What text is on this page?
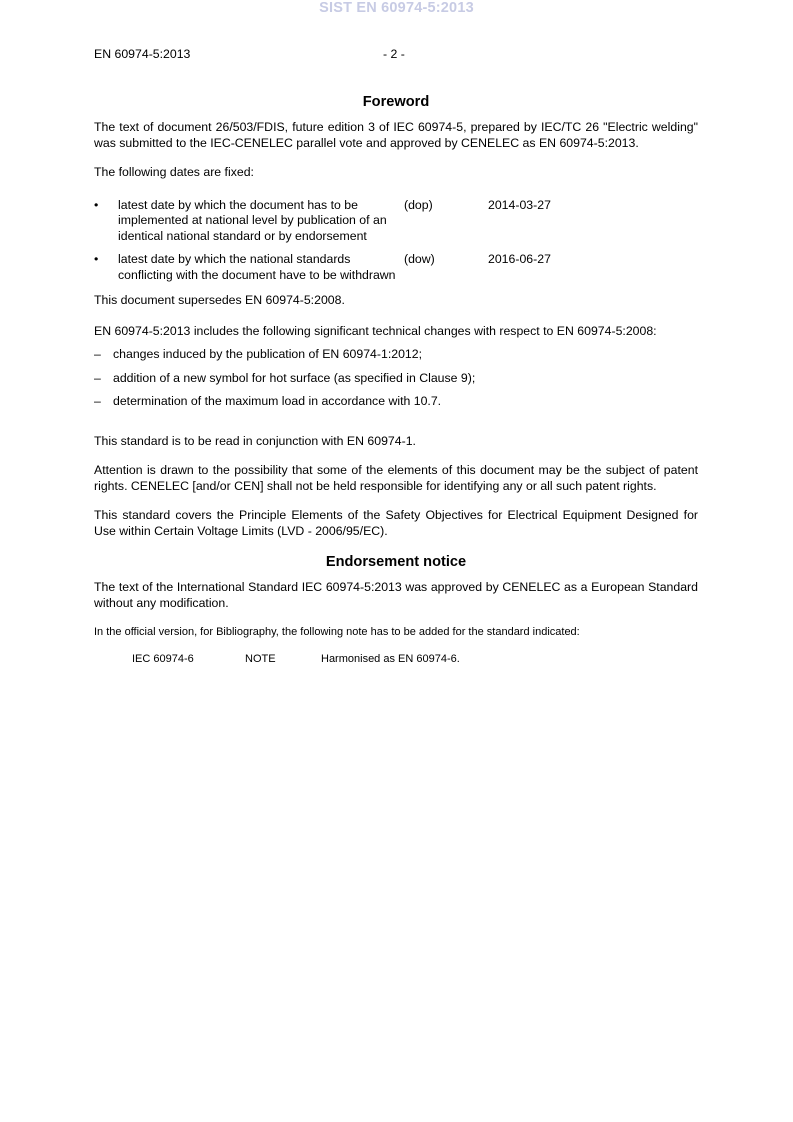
SIST EN 60974-5:2013
EN 60974-5:2013	- 2 -
Foreword

The text of document 26/503/FDIS, future edition 3 of IEC 60974-5, prepared by IEC/TC 26 "Electric welding" was submitted to the IEC-CENELEC parallel vote and approved by CENELEC as EN 60974-5:2013.

The following dates are fixed:

•	latest date by which the document has to be implemented at national level by publication of an identical national standard or by endorsement
(dop)	2014-03-27
•	latest date by which the national standards conflicting with the document have to be withdrawn
(dow)	2016-06-27

This document supersedes EN 60974-5:2008.

EN 60974-5:2013 includes the following significant technical changes with respect to EN 60974-5:2008:

– changes induced by the publication of EN 60974-1:2012;
– addition of a new symbol for hot surface (as specified in Clause 9);
– determination of the maximum load in accordance with 10.7.

This standard is to be read in conjunction with EN 60974-1.

Attention is drawn to the possibility that some of the elements of this document may be the subject of patent rights. CENELEC [and/or CEN] shall not be held responsible for identifying any or all such patent rights.

This standard covers the Principle Elements of the Safety Objectives for Electrical Equipment Designed for Use within Certain Voltage Limits (LVD - 2006/95/EC).

Endorsement notice

The text of the International Standard IEC 60974-5:2013 was approved by CENELEC as a European Standard without any modification.

In the official version, for Bibliography, the following note has to be added for the standard indicated:

IEC 60974-6	NOTE	Harmonised as EN 60974-6.
